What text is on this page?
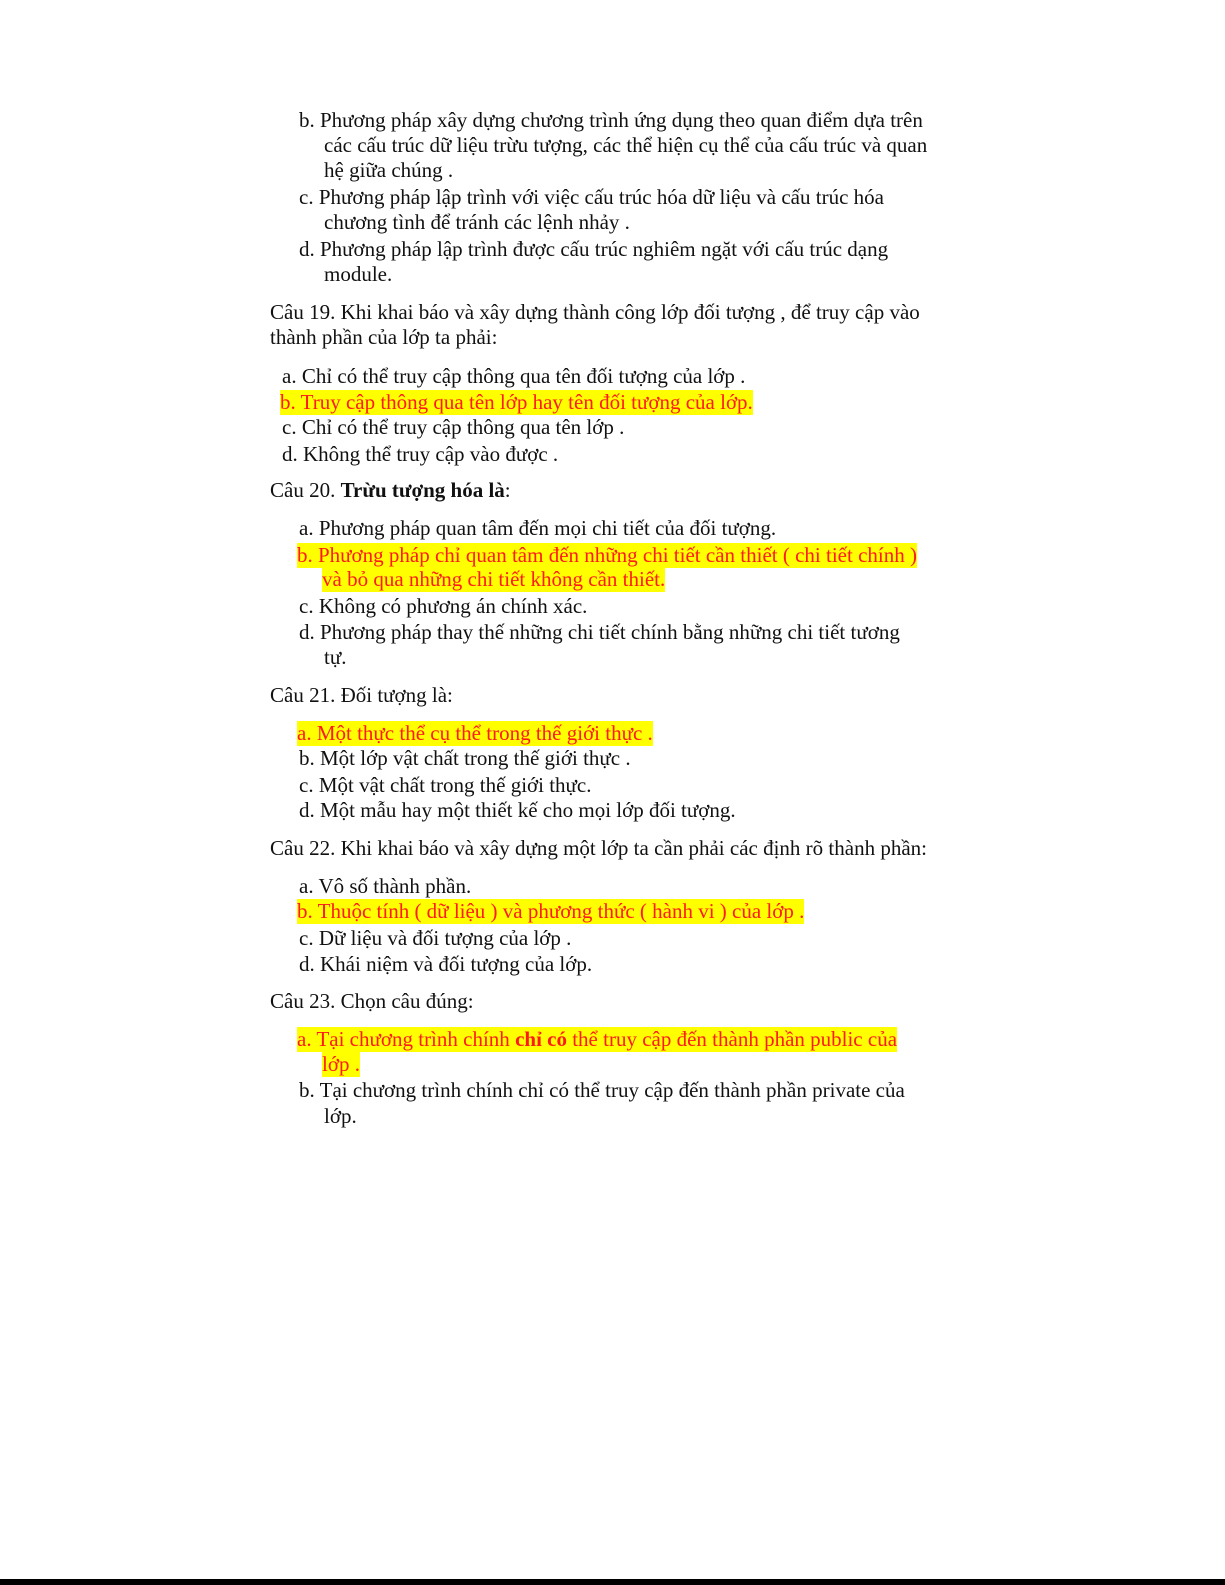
b. Phương pháp xây dựng chương trình ứng dụng theo quan điểm dựa trên
các cấu trúc dữ liệu trừu tượng, các thể hiện cụ thể của cấu trúc và quan
hệ giữa chúng .
c. Phương pháp lập trình với việc cấu trúc hóa dữ liệu và cấu trúc hóa
chương tình để tránh các lệnh nhảy .
d. Phương pháp lập trình được cấu trúc nghiêm ngặt với cấu trúc dạng
module.
Câu 19. Khi khai báo và xây dựng thành công lớp đối tượng , để truy cập vào
thành phần của lớp ta phải:
a. Chỉ có thể truy cập thông qua tên đối tượng của lớp .
b. Truy cập thông qua tên lớp hay tên đối tượng của lớp.
c. Chỉ có thể truy cập thông qua tên lớp .
d. Không thể truy cập vào được .
Câu 20. Trừu tượng hóa là:
a. Phương pháp quan tâm đến mọi chi tiết của đối tượng.
b. Phương pháp chỉ quan tâm đến những chi tiết cần thiết ( chi tiết chính )
và bỏ qua những chi tiết không cần thiết.
c. Không có phương án chính xác.
d. Phương pháp thay thế những chi tiết chính bằng những chi tiết tương
tự.
Câu 21. Đối tượng là:
a. Một thực thể cụ thể trong thế giới thực .
b. Một lớp vật chất trong thế giới thực .
c. Một vật chất trong thế giới thực.
d. Một mẫu hay một thiết kế cho mọi lớp đối tượng.
Câu 22. Khi khai báo và xây dựng một lớp ta cần phải các định rõ thành phần:
a. Vô số thành phần.
b. Thuộc tính ( dữ liệu ) và phương thức ( hành vi ) của lớp .
c. Dữ liệu và đối tượng của lớp .
d. Khái niệm và đối tượng của lớp.
Câu 23. Chọn câu đúng:
a. Tại chương trình chính chỉ có thể truy cập đến thành phần public của
lớp .
b. Tại chương trình chính chỉ có thể truy cập đến thành phần private của
lớp.
